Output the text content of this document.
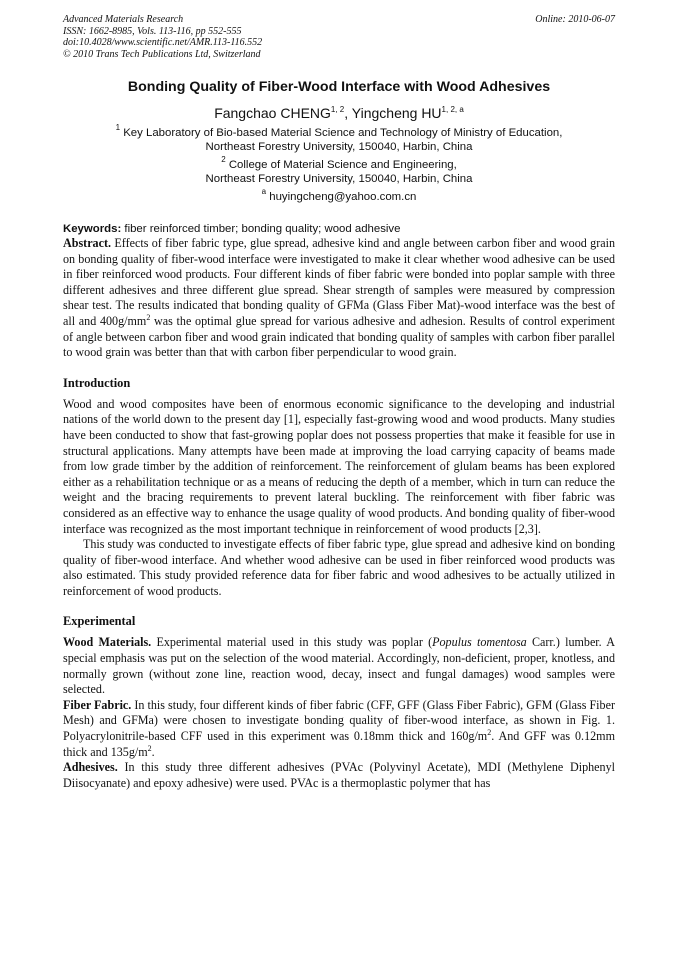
Advanced Materials Research
ISSN: 1662-8985, Vols. 113-116, pp 552-555
doi:10.4028/www.scientific.net/AMR.113-116.552
© 2010 Trans Tech Publications Ltd, Switzerland
Online: 2010-06-07
Bonding Quality of Fiber-Wood Interface with Wood Adhesives
Fangchao CHENG$^{1, 2}$, Yingcheng HU$^{1, 2, a}$
$^1$ Key Laboratory of Bio-based Material Science and Technology of Ministry of Education,
Northeast Forestry University, 150040, Harbin, China
$^2$ College of Material Science and Engineering,
Northeast Forestry University, 150040, Harbin, China
$^a$ huyingcheng@yahoo.com.cn
Keywords: fiber reinforced timber; bonding quality; wood adhesive

Abstract. Effects of fiber fabric type, glue spread, adhesive kind and angle between carbon fiber and wood grain on bonding quality of fiber-wood interface were investigated to make it clear whether wood adhesive can be used in fiber reinforced wood products. Four different kinds of fiber fabric were bonded into poplar sample with three different adhesives and three different glue spread. Shear strength of samples were measured by compression shear test. The results indicated that bonding quality of GFMa (Glass Fiber Mat)-wood interface was the best of all and $400g/mm^2$ was the optimal glue spread for various adhesive and adhesion. Results of control experiment of angle between carbon fiber and wood grain indicated that bonding quality of samples with carbon fiber parallel to wood grain was better than that with carbon fiber perpendicular to wood grain.

Introduction

Wood and wood composites have been of enormous economic significance to the developing and industrial nations of the world down to the present day [1], especially fast-growing wood and wood products. Many studies have been conducted to show that fast-growing poplar does not possess properties that make it feasible for use in structural applications. Many attempts have been made at improving the load carrying capacity of beams made from low grade timber by the addition of reinforcement. The reinforcement of glulam beams has been explored either as a rehabilitation technique or as a means of reducing the depth of a member, which in turn can reduce the weight and the bracing requirements to prevent lateral buckling. The reinforcement with fiber fabric was considered as an effective way to enhance the usage quality of wood products. And bonding quality of fiber-wood interface was recognized as the most important technique in reinforcement of wood products [2,3].

This study was conducted to investigate effects of fiber fabric type, glue spread and adhesive kind on bonding quality of fiber-wood interface. And whether wood adhesive can be used in fiber reinforced wood products was also estimated. This study provided reference data for fiber fabric and wood adhesives to be actually utilized in reinforcement of wood products.

Experimental

Wood Materials. Experimental material used in this study was poplar (Populus tomentosa Carr.) lumber. A special emphasis was put on the selection of the wood material. Accordingly, non-deficient, proper, knotless, and normally grown (without zone line, reaction wood, decay, insect and fungal damages) wood samples were selected.

Fiber Fabric. In this study, four different kinds of fiber fabric (CFF, GFF (Glass Fiber Fabric), GFM (Glass Fiber Mesh) and GFMa) were chosen to investigate bonding quality of fiber-wood interface, as shown in Fig. 1. Polyacrylonitrile-based CFF used in this experiment was 0.18mm thick and $160g/m^2$. And GFF was 0.12mm thick and $135g/m^2$.

Adhesives. In this study three different adhesives (PVAc (Polyvinyl Acetate), MDI (Methylene Diphenyl Diisocyanate) and epoxy adhesive) were used. PVAc is a thermoplastic polymer that has
